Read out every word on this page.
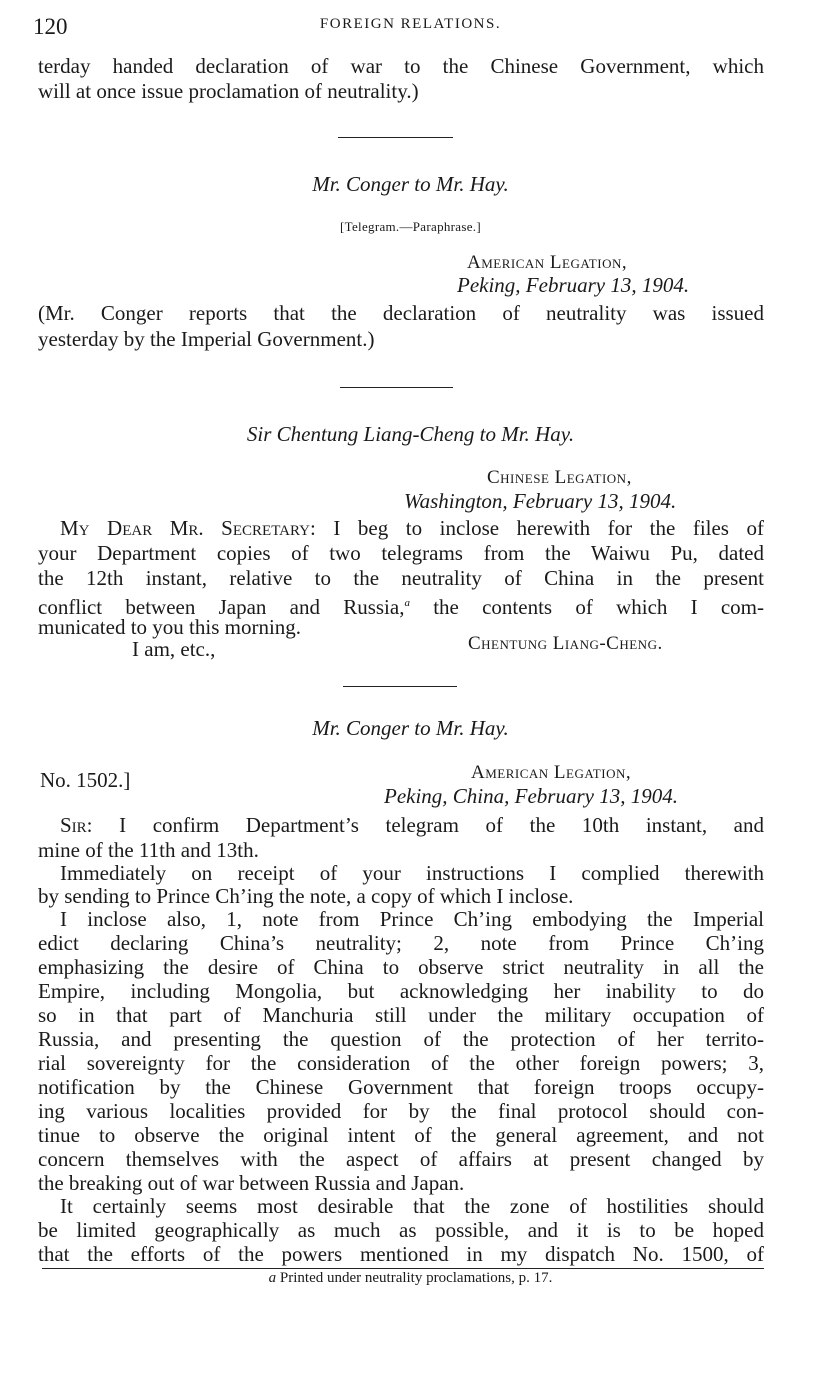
120	FOREIGN RELATIONS.

terday handed declaration of war to the Chinese Government, which

will at once issue proclamation of neutrality.)

Mr. Conger to Mr. Hay.
[Telegram.—Paraphrase.]
American Legation,
Peking, February 13, 1904.

(Mr. Conger reports that the declaration of neutrality was issued

yesterday by the Imperial Government.)

Sir Chentung Liang-Cheng to Mr. Hay.
Chinese Legation,
Washington, February 13, 1904.

My Dear Mr. Secretary: I beg to inclose herewith for the files of

your Department copies of two telegrams from the Waiwu Pu, dated

the 12th instant, relative to the neutrality of China in the present

conflict between Japan and Russia,$^a$ the contents of which I com-

municated to you this morning.

I am, etc.,	Chentung Liang-Cheng.
Mr. Conger to Mr. Hay.
No. 1502.]	American Legation,
Peking, China, February 13, 1904.

Sir: I confirm Department’s telegram of the 10th instant, and

mine of the 11th and 13th.

Immediately on receipt of your instructions I complied therewith

by sending to Prince Ch’ing the note, a copy of which I inclose.

I inclose also, 1, note from Prince Ch’ing embodying the Imperial

edict declaring China’s neutrality; 2, note from Prince Ch’ing

emphasizing the desire of China to observe strict neutrality in all the

Empire, including Mongolia, but acknowledging her inability to do

so in that part of Manchuria still under the military occupation of

Russia, and presenting the question of the protection of her territo-

rial sovereignty for the consideration of the other foreign powers; 3,

notification by the Chinese Government that foreign troops occupy-

ing various localities provided for by the final protocol should con-

tinue to observe the original intent of the general agreement, and not

concern themselves with the aspect of affairs at present changed by

the breaking out of war between Russia and Japan.

It certainly seems most desirable that the zone of hostilities should

be limited geographically as much as possible, and it is to be hoped

that the efforts of the powers mentioned in my dispatch No. 1500, of

a Printed under neutrality proclamations, p. 17.
